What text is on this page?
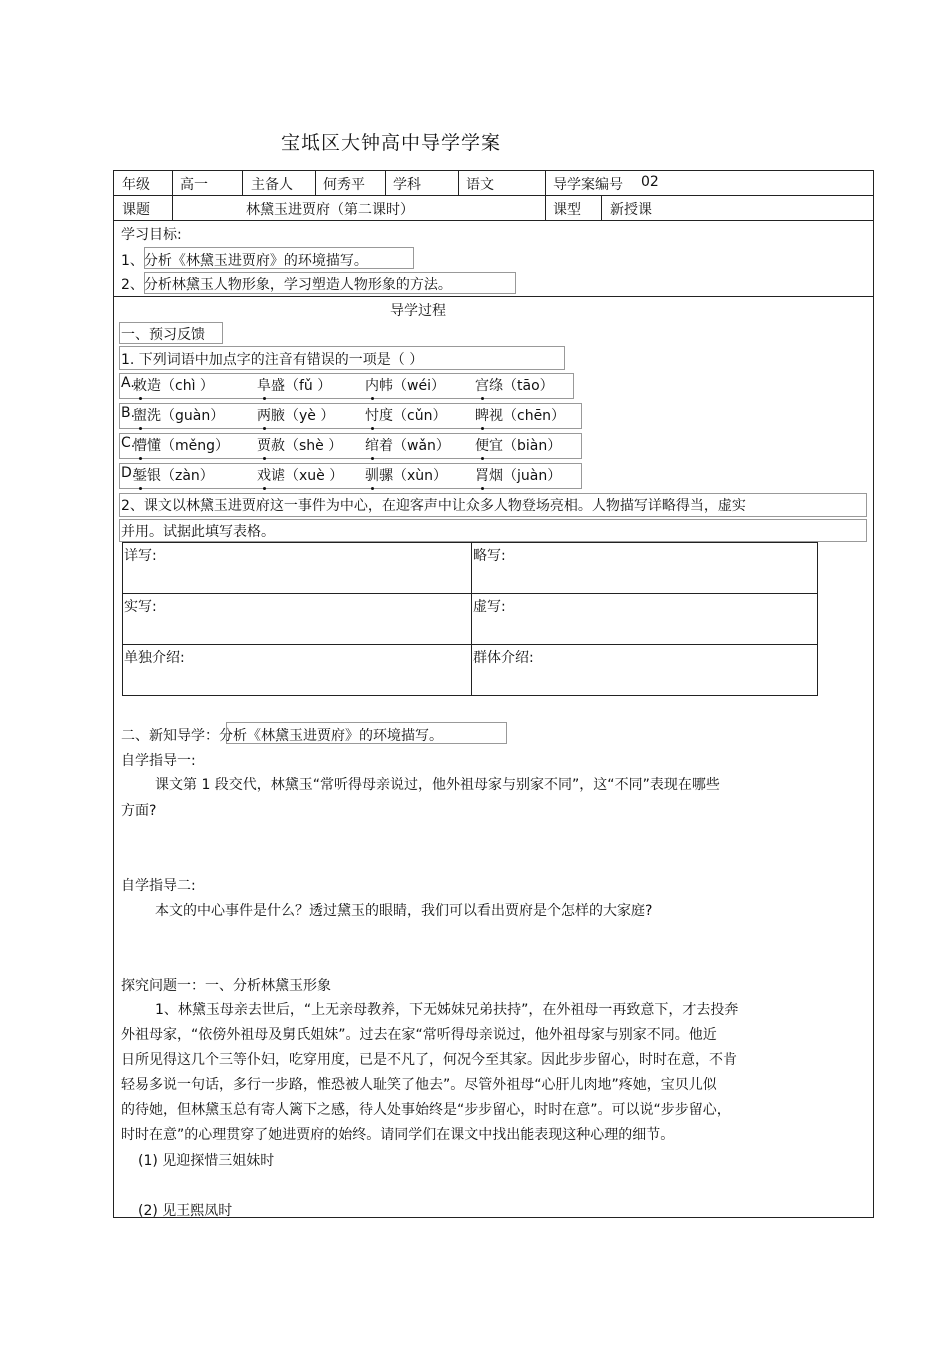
宝坻区大钟高中导学学案
年级 高一	主备人 何秀平 学科	语文	导学案编号 02
课题	林黛玉进贾府（第二课时）	课型 新授课
学习目标:
1、分析《林黛玉进贾府》的环境描写。
2、分析林黛玉人物形象，学习塑造人物形象的方法。
导学过程
一、预习反馈
1. 下列词语中加点字的注音有错误的一项是（ ）
A.
敕造（chì ）	阜盛（fǔ ） 内帏（wéi） 宫绦（tāo）
B.
盥洗（guàn） 两腋（yè ） 忖度（cǔn） 睥视（chēn）
C.
懵懂（měng） 贾赦（shè ） 绾着（wǎn） 便宜（biàn）
D.
錾银（zàn）	戏谑（xuè ） 驯骡（xùn） 罥烟（juàn）
2、课文以林黛玉进贾府这一事件为中心，在迎客声中让众多人物登场亮相。人物描写详略得当，虚实
并用。试据此填写表格。
详写:	略写:
实写:	虚写:
单独介绍:	群体介绍:
二、新知导学：分析《林黛玉进贾府》的环境描写。
自学指导一:
课文第 1 段交代，林黛玉“常听得母亲说过，他外祖母家与别家不同”，这“不同”表现在哪些
方面?
自学指导二:
本文的中心事件是什么？透过黛玉的眼睛，我们可以看出贾府是个怎样的大家庭?
探究问题一：一、分析林黛玉形象
1、林黛玉母亲去世后，“上无亲母教养，下无姊妹兄弟扶持”，在外祖母一再致意下，才去投奔
外祖母家，“依傍外祖母及舅氏姐妹”。过去在家“常听得母亲说过，他外祖母家与别家不同。他近
日所见得这几个三等仆妇，吃穿用度，已是不凡了，何况今至其家。因此步步留心，时时在意，不肯
轻易多说一句话，多行一步路，惟恐被人耻笑了他去”。尽管外祖母“心肝儿肉地”疼她，宝贝儿似
的待她，但林黛玉总有寄人篱下之感，待人处事始终是“步步留心，时时在意”。可以说“步步留心，
时时在意”的心理贯穿了她进贾府的始终。请同学们在课文中找出能表现这种心理的细节。
(1) 见迎探惜三姐妹时
(2) 见王熙凤时
